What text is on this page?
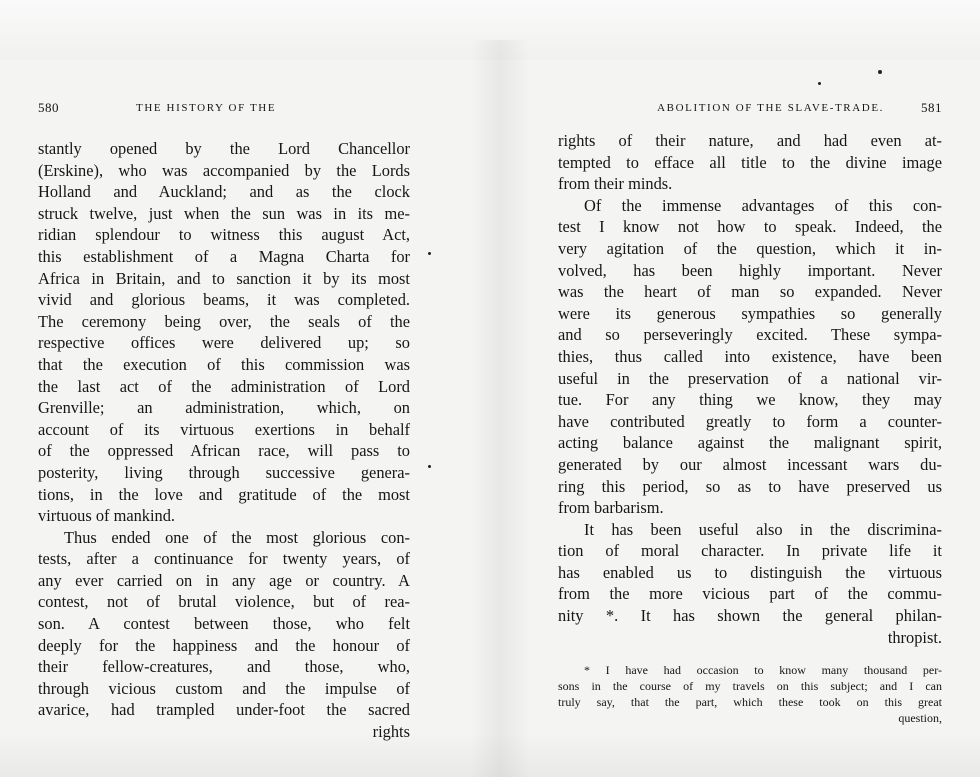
580	THE HISTORY OF THE
stantly opened by the Lord Chancellor
(Erskine), who was accompanied by the Lords
Holland and Auckland; and as the clock
struck twelve, just when the sun was in its me-
ridian splendour to witness this august Act,
this establishment of a Magna Charta for
Africa in Britain, and to sanction it by its most
vivid and glorious beams, it was completed.
The ceremony being over, the seals of the
respective offices were delivered up; so
that the execution of this commission was
the last act of the administration of Lord
Grenville; an administration, which, on
account of its virtuous exertions in behalf
of the oppressed African race, will pass to
posterity, living through successive genera-
tions, in the love and gratitude of the most
virtuous of mankind.
Thus ended one of the most glorious con-
tests, after a continuance for twenty years, of
any ever carried on in any age or country. A
contest, not of brutal violence, but of rea-
son. A contest between those, who felt
deeply for the happiness and the honour of
their fellow-creatures, and those, who,
through vicious custom and the impulse of
avarice, had trampled under-foot the sacred
rights
ABOLITION OF THE SLAVE-TRADE.	581
rights of their nature, and had even at-
tempted to efface all title to the divine image
from their minds.
Of the immense advantages of this con-
test I know not how to speak. Indeed, the
very agitation of the question, which it in-
volved, has been highly important. Never
was the heart of man so expanded. Never
were its generous sympathies so generally
and so perseveringly excited. These sympa-
thies, thus called into existence, have been
useful in the preservation of a national vir-
tue. For any thing we know, they may
have contributed greatly to form a counter-
acting balance against the malignant spirit,
generated by our almost incessant wars du-
ring this period, so as to have preserved us
from barbarism.
It has been useful also in the discrimina-
tion of moral character. In private life it
has enabled us to distinguish the virtuous
from the more vicious part of the commu-
nity *. It has shown the general philan-
thropist.
* I have had occasion to know many thousand per-
sons in the course of my travels on this subject; and I can
truly say, that the part, which these took on this great
question,
